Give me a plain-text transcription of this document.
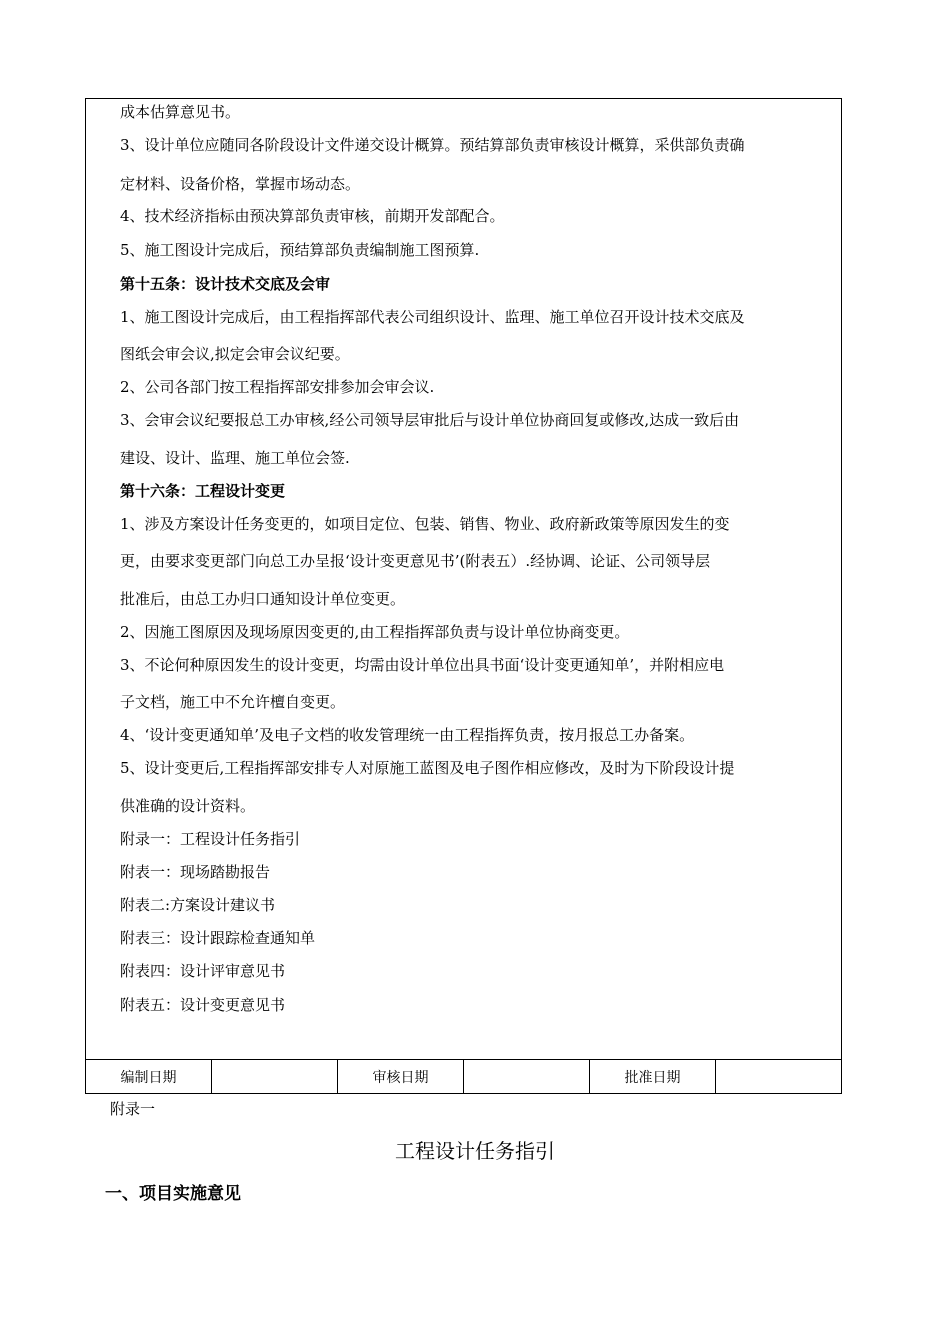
成本估算意见书。
3、设计单位应随同各阶段设计文件递交设计概算。预结算部负责审核设计概算，采供部负责确
定材料、设备价格，掌握市场动态。
4、技术经济指标由预决算部负责审核，前期开发部配合。
5、施工图设计完成后，预结算部负责编制施工图预算.
第十五条：设计技术交底及会审
1、施工图设计完成后，由工程指挥部代表公司组织设计、监理、施工单位召开设计技术交底及
图纸会审会议,拟定会审会议纪要。
2、公司各部门按工程指挥部安排参加会审会议.
3、会审会议纪要报总工办审核,经公司领导层审批后与设计单位协商回复或修改,达成一致后由
建设、设计、监理、施工单位会签.
第十六条：工程设计变更
1、涉及方案设计任务变更的，如项目定位、包装、销售、物业、政府新政策等原因发生的变
更，由要求变更部门向总工办呈报‘设计变更意见书’(附表五）.经协调、论证、公司领导层
批准后，由总工办归口通知设计单位变更。
2、因施工图原因及现场原因变更的,由工程指挥部负责与设计单位协商变更。
3、不论何种原因发生的设计变更，均需由设计单位出具书面‘设计变更通知单’，并附相应电
子文档，施工中不允许檀自变更。
4、‘设计变更通知单’及电子文档的收发管理统一由工程指挥负责，按月报总工办备案。
5、设计变更后,工程指挥部安排专人对原施工蓝图及电子图作相应修改，及时为下阶段设计提
供准确的设计资料。
附录一：工程设计任务指引
附表一：现场踏勘报告
附表二:方案设计建议书
附表三：设计跟踪检查通知单
附表四：设计评审意见书
附表五：设计变更意见书
编制日期	审核日期	批准日期
附录一
工程设计任务指引
一、项目实施意见
